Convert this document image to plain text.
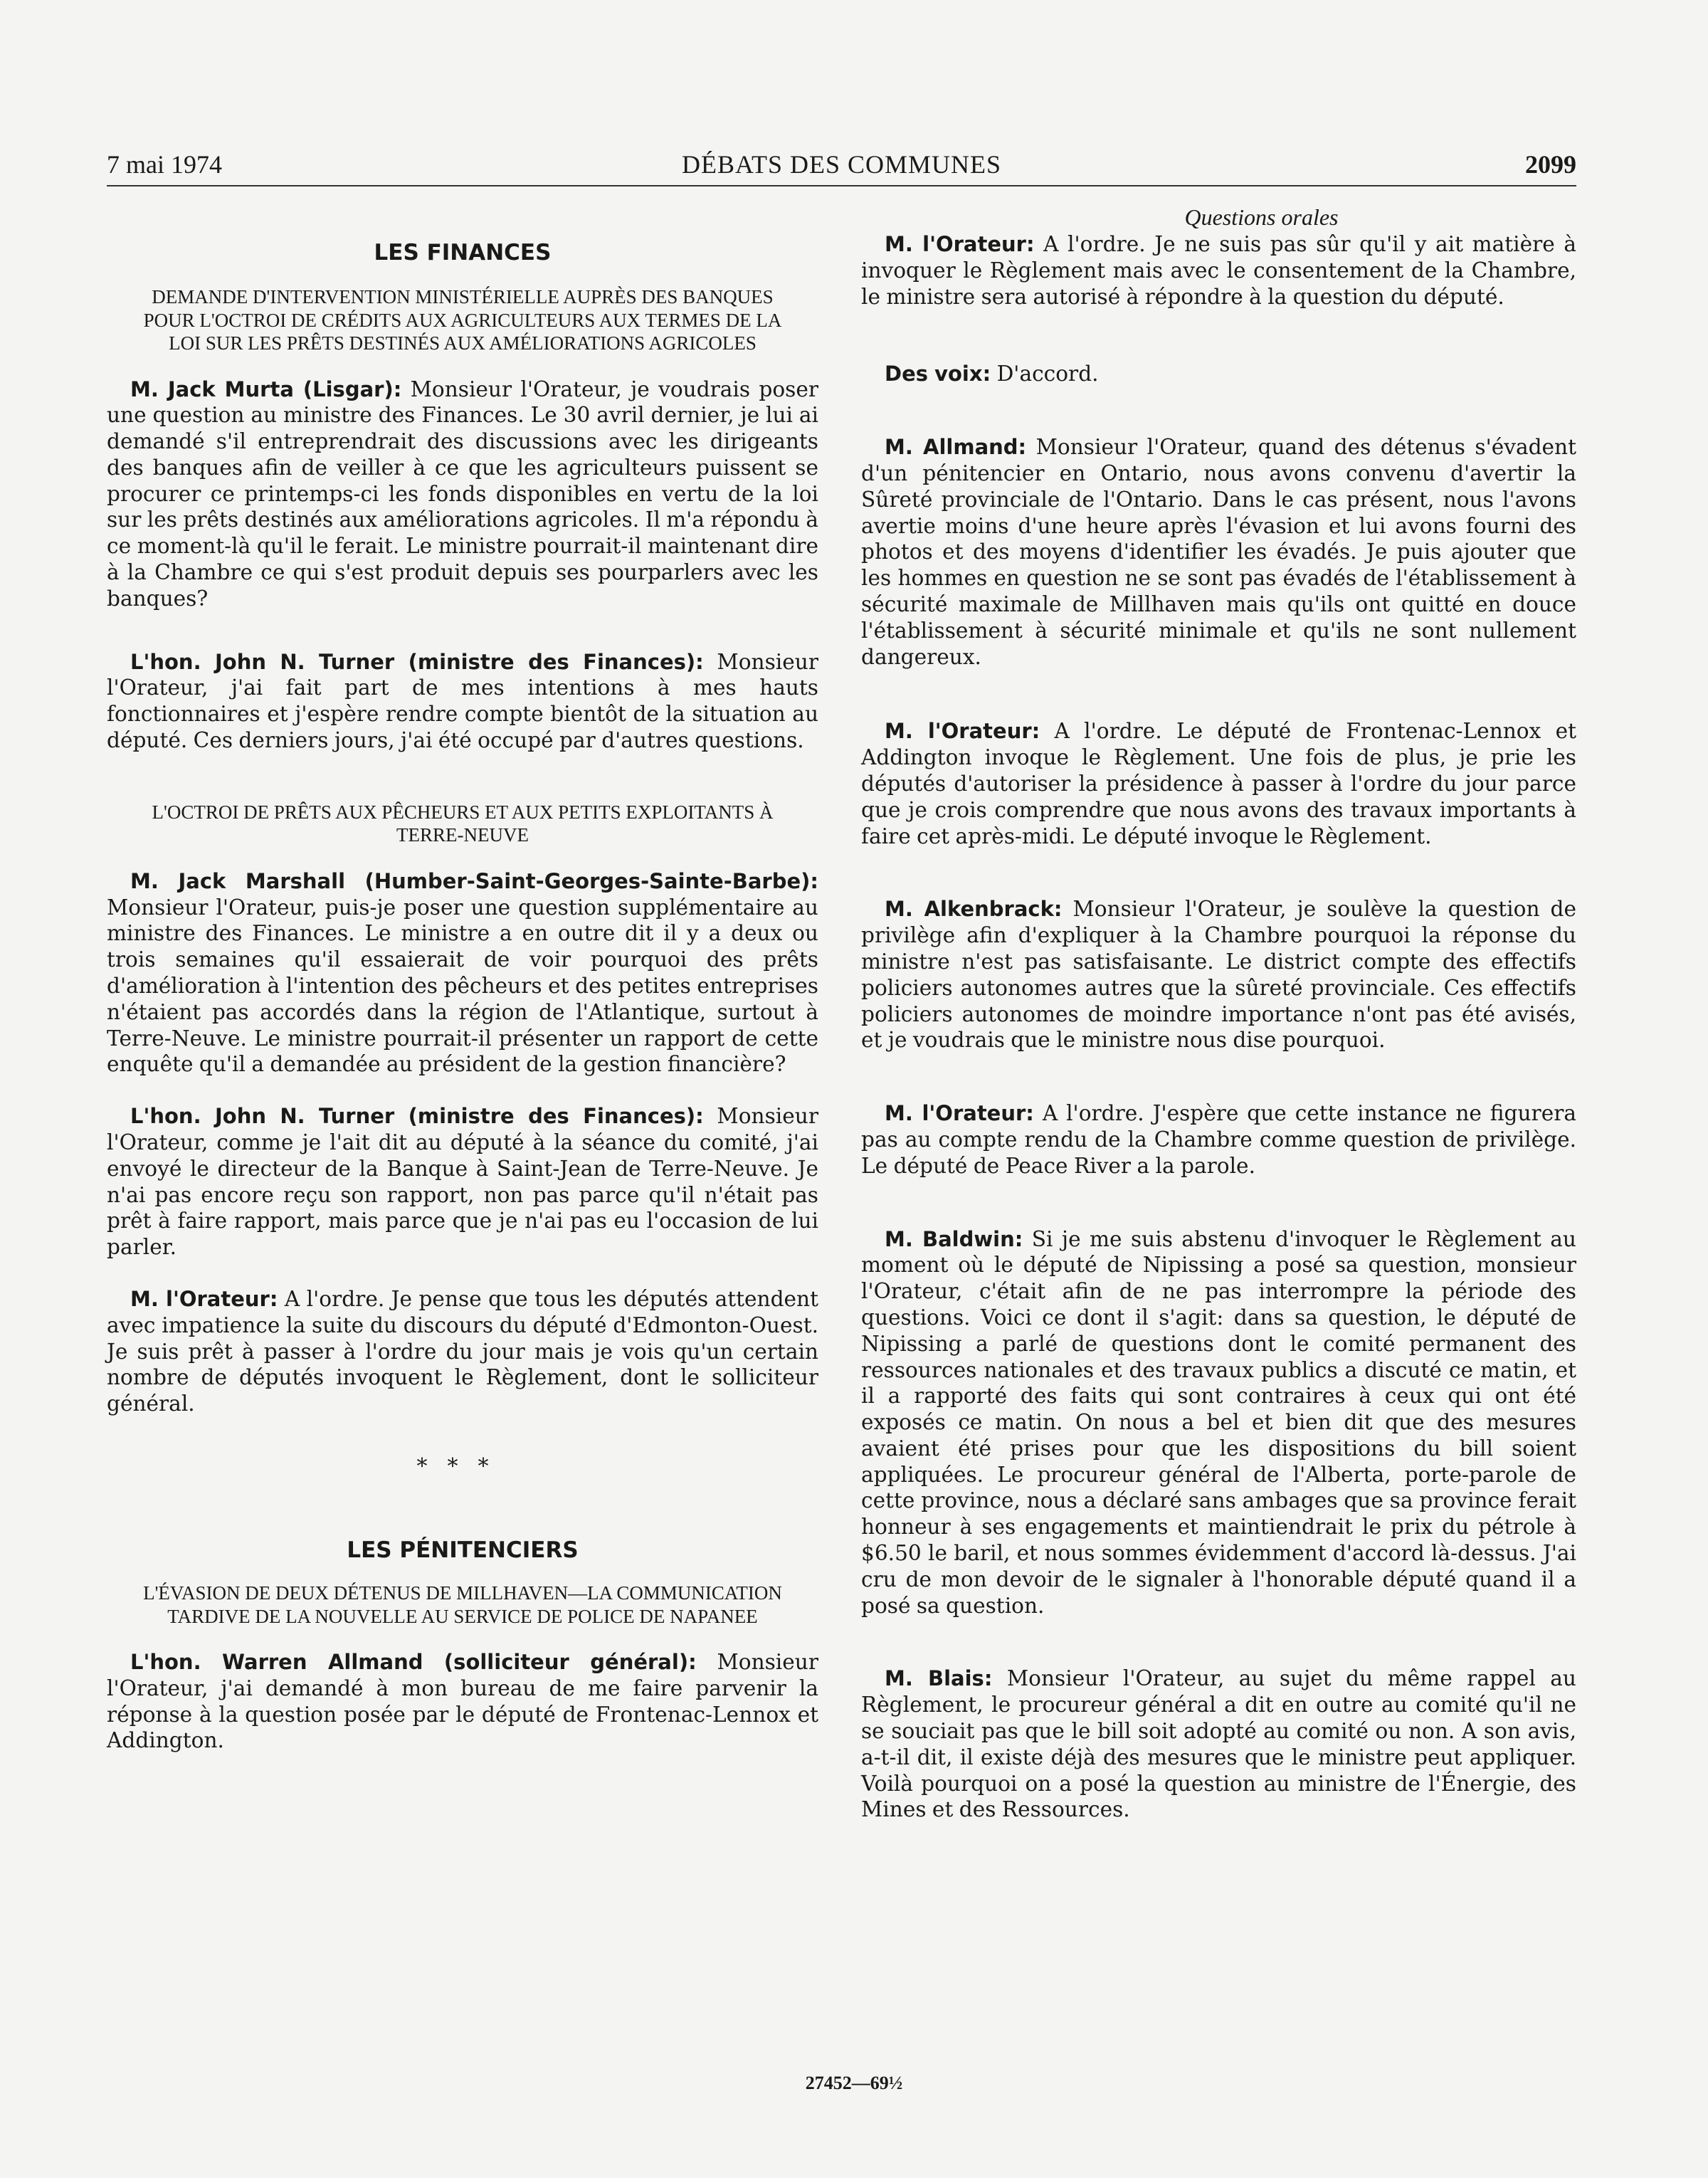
7 mai 1974	DÉBATS DES COMMUNES	2099
LES FINANCES

DEMANDE D'INTERVENTION MINISTÉRIELLE AUPRÈS DES BANQUES POUR L'OCTROI DE CRÉDITS AUX AGRICULTEURS AUX TERMES DE LA LOI SUR LES PRÊTS DESTINÉS AUX AMÉLIORATIONS AGRICOLES

M. Jack Murta (Lisgar): Monsieur l'Orateur, je voudrais poser une question au ministre des Finances. Le 30 avril dernier, je lui ai demandé s'il entreprendrait des discussions avec les dirigeants des banques afin de veiller à ce que les agriculteurs puissent se procurer ce printemps-ci les fonds disponibles en vertu de la loi sur les prêts destinés aux améliorations agricoles. Il m'a répondu à ce moment-là qu'il le ferait. Le ministre pourrait-il maintenant dire à la Chambre ce qui s'est produit depuis ses pourparlers avec les banques?

L'hon. John N. Turner (ministre des Finances): Monsieur l'Orateur, j'ai fait part de mes intentions à mes hauts fonctionnaires et j'espère rendre compte bientôt de la situation au député. Ces derniers jours, j'ai été occupé par d'autres questions.

L'OCTROI DE PRÊTS AUX PÊCHEURS ET AUX PETITS EXPLOITANTS À TERRE-NEUVE

M. Jack Marshall (Humber-Saint-Georges-Sainte-Barbe): Monsieur l'Orateur, puis-je poser une question supplémentaire au ministre des Finances. Le ministre a en outre dit il y a deux ou trois semaines qu'il essaierait de voir pourquoi des prêts d'amélioration à l'intention des pêcheurs et des petites entreprises n'étaient pas accordés dans la région de l'Atlantique, surtout à Terre-Neuve. Le ministre pourrait-il présenter un rapport de cette enquête qu'il a demandée au président de la gestion financière?

L'hon. John N. Turner (ministre des Finances): Monsieur l'Orateur, comme je l'ait dit au député à la séance du comité, j'ai envoyé le directeur de la Banque à Saint-Jean de Terre-Neuve. Je n'ai pas encore reçu son rapport, non pas parce qu'il n'était pas prêt à faire rapport, mais parce que je n'ai pas eu l'occasion de lui parler.

M. l'Orateur: A l'ordre. Je pense que tous les députés attendent avec impatience la suite du discours du député d'Edmonton-Ouest. Je suis prêt à passer à l'ordre du jour mais je vois qu'un certain nombre de députés invoquent le Règlement, dont le solliciteur général.

***

LES PÉNITENCIERS

L'ÉVASION DE DEUX DÉTENUS DE MILLHAVEN—LA COMMUNICATION TARDIVE DE LA NOUVELLE AU SERVICE DE POLICE DE NAPANEE

L'hon. Warren Allmand (solliciteur général): Monsieur l'Orateur, j'ai demandé à mon bureau de me faire parvenir la réponse à la question posée par le député de Frontenac-Lennox et Addington.

Questions orales

M. l'Orateur: A l'ordre. Je ne suis pas sûr qu'il y ait matière à invoquer le Règlement mais avec le consentement de la Chambre, le ministre sera autorisé à répondre à la question du député.

Des voix: D'accord.

M. Allmand: Monsieur l'Orateur, quand des détenus s'évadent d'un pénitencier en Ontario, nous avons convenu d'avertir la Sûreté provinciale de l'Ontario. Dans le cas présent, nous l'avons avertie moins d'une heure après l'évasion et lui avons fourni des photos et des moyens d'identifier les évadés. Je puis ajouter que les hommes en question ne se sont pas évadés de l'établissement à sécurité maximale de Millhaven mais qu'ils ont quitté en douce l'établissement à sécurité minimale et qu'ils ne sont nullement dangereux.

M. l'Orateur: A l'ordre. Le député de Frontenac-Lennox et Addington invoque le Règlement. Une fois de plus, je prie les députés d'autoriser la présidence à passer à l'ordre du jour parce que je crois comprendre que nous avons des travaux importants à faire cet après-midi. Le député invoque le Règlement.

M. Alkenbrack: Monsieur l'Orateur, je soulève la question de privilège afin d'expliquer à la Chambre pourquoi la réponse du ministre n'est pas satisfaisante. Le district compte des effectifs policiers autonomes autres que la sûreté provinciale. Ces effectifs policiers autonomes de moindre importance n'ont pas été avisés, et je voudrais que le ministre nous dise pourquoi.

M. l'Orateur: A l'ordre. J'espère que cette instance ne figurera pas au compte rendu de la Chambre comme question de privilège. Le député de Peace River a la parole.

M. Baldwin: Si je me suis abstenu d'invoquer le Règlement au moment où le député de Nipissing a posé sa question, monsieur l'Orateur, c'était afin de ne pas interrompre la période des questions. Voici ce dont il s'agit: dans sa question, le député de Nipissing a parlé de questions dont le comité permanent des ressources nationales et des travaux publics a discuté ce matin, et il a rapporté des faits qui sont contraires à ceux qui ont été exposés ce matin. On nous a bel et bien dit que des mesures avaient été prises pour que les dispositions du bill soient appliquées. Le procureur général de l'Alberta, porte-parole de cette province, nous a déclaré sans ambages que sa province ferait honneur à ses engagements et maintiendrait le prix du pétrole à $6.50 le baril, et nous sommes évidemment d'accord là-dessus. J'ai cru de mon devoir de le signaler à l'honorable député quand il a posé sa question.

M. Blais: Monsieur l'Orateur, au sujet du même rappel au Règlement, le procureur général a dit en outre au comité qu'il ne se souciait pas que le bill soit adopté au comité ou non. A son avis, a-t-il dit, il existe déjà des mesures que le ministre peut appliquer. Voilà pourquoi on a posé la question au ministre de l'Énergie, des Mines et des Ressources.

27452—69½
